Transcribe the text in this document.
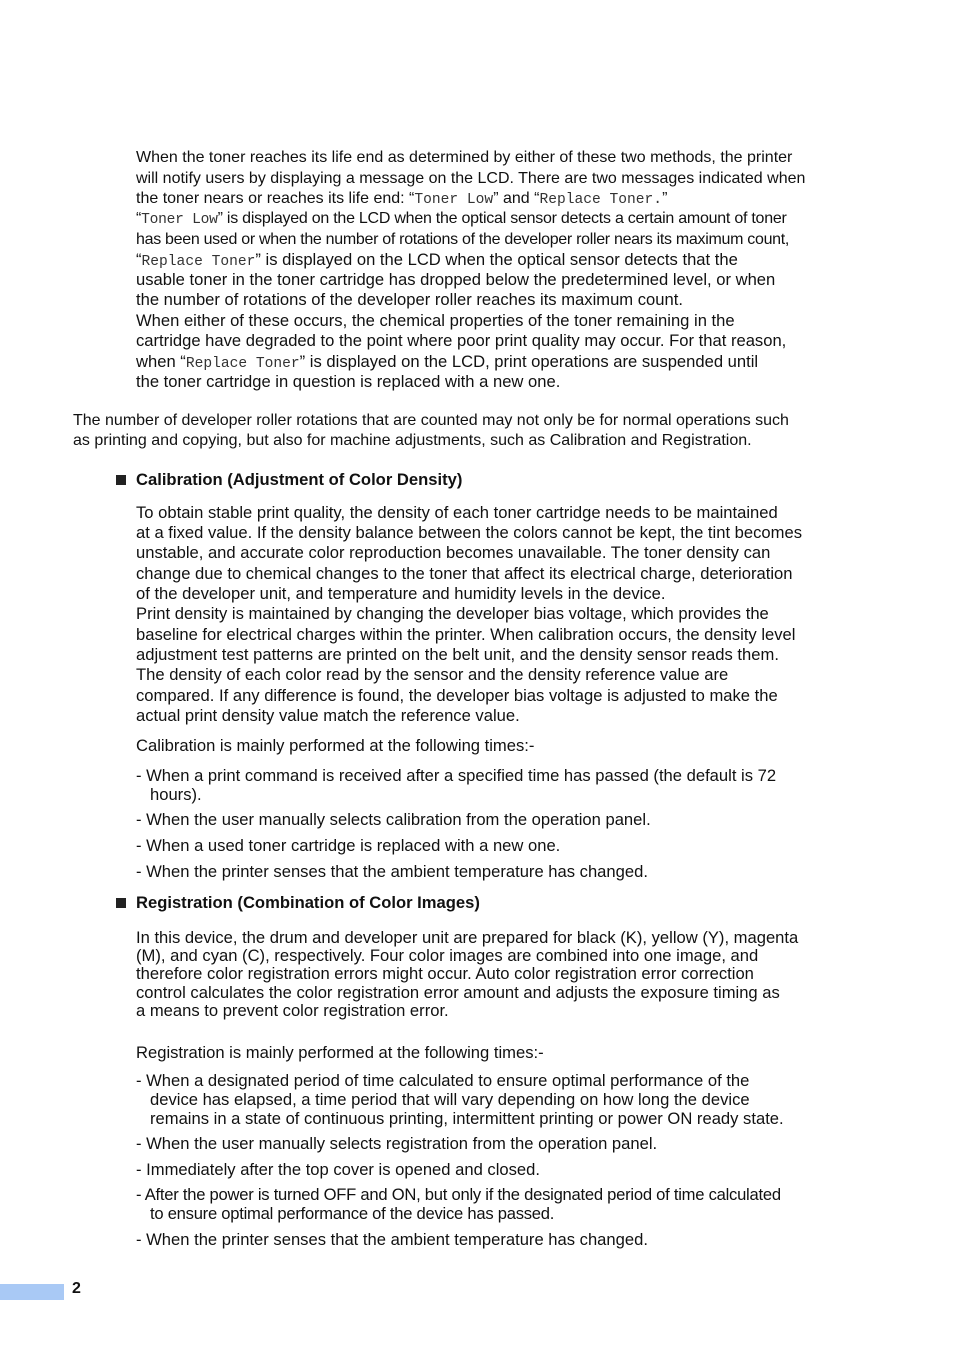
When the toner reaches its life end as determined by either of these two methods, the printer
will notify users by displaying a message on the LCD. There are two messages indicated when
the toner nears or reaches its life end: “Toner Low” and “Replace Toner.”
“Toner Low” is displayed on the LCD when the optical sensor detects a certain amount of toner
has been used or when the number of rotations of the developer roller nears its maximum count,
“Replace Toner” is displayed on the LCD when the optical sensor detects that the
usable toner in the toner cartridge has dropped below the predetermined level, or when
the number of rotations of the developer roller reaches its maximum count.
When either of these occurs, the chemical properties of the toner remaining in the
cartridge have degraded to the point where poor print quality may occur. For that reason,
when “Replace Toner” is displayed on the LCD, print operations are suspended until
the toner cartridge in question is replaced with a new one.
The number of developer roller rotations that are counted may not only be for normal operations such
as printing and copying, but also for machine adjustments, such as Calibration and Registration.
Calibration (Adjustment of Color Density)
To obtain stable print quality, the density of each toner cartridge needs to be maintained
at a fixed value. If the density balance between the colors cannot be kept, the tint becomes
unstable, and accurate color reproduction becomes unavailable. The toner density can
change due to chemical changes to the toner that affect its electrical charge, deterioration
of the developer unit, and temperature and humidity levels in the device.
Print density is maintained by changing the developer bias voltage, which provides the
baseline for electrical charges within the printer. When calibration occurs, the density level
adjustment test patterns are printed on the belt unit, and the density sensor reads them.
The density of each color read by the sensor and the density reference value are
compared. If any difference is found, the developer bias voltage is adjusted to make the
actual print density value match the reference value.
Calibration is mainly performed at the following times:-
- When a print command is received after a specified time has passed (the default is 72
hours).
- When the user manually selects calibration from the operation panel.
- When a used toner cartridge is replaced with a new one.
- When the printer senses that the ambient temperature has changed.
Registration (Combination of Color Images)
In this device, the drum and developer unit are prepared for black (K), yellow (Y), magenta
(M), and cyan (C), respectively. Four color images are combined into one image, and
therefore color registration errors might occur. Auto color registration error correction
control calculates the color registration error amount and adjusts the exposure timing as
a means to prevent color registration error.
Registration is mainly performed at the following times:-
- When a designated period of time calculated to ensure optimal performance of the
device has elapsed, a time period that will vary depending on how long the device
remains in a state of continuous printing, intermittent printing or power ON ready state.
- When the user manually selects registration from the operation panel.
- Immediately after the top cover is opened and closed.
- After the power is turned OFF and ON, but only if the designated period of time calculated
to ensure optimal performance of the device has passed.
- When the printer senses that the ambient temperature has changed.
2
